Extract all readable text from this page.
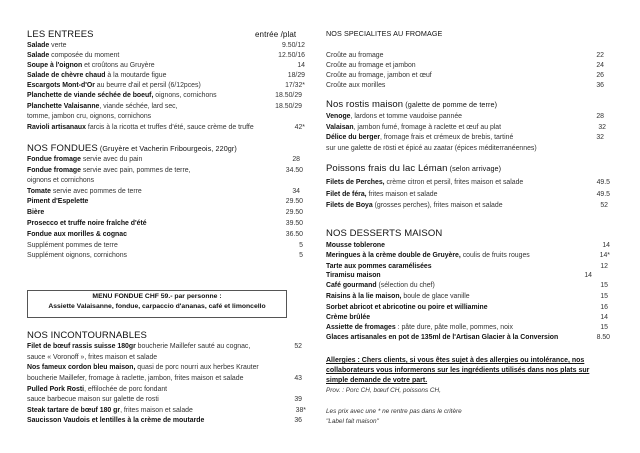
LES ENTREES	entrée /plat
Salade verte	9.50/12
Salade composée du moment	12.50/16
Soupe à l'oignon et croûtons au Gruyère	14
Salade de chèvre chaud à la moutarde figue	18/29
Escargots Mont-d'Or au beurre d'ail et persil (6/12pces)	17/32*
Planchette de viande séchée de boeuf, oignons, cornichons	18.50/29
Planchette Valaisanne, viande séchée, lard sec,	18.50/29
tomme, jambon cru, oignons, cornichons
Ravioli artisanaux farcis à la ricotta et truffes d'été, sauce crème de truffe	42*
NOS FONDUES (Gruyère et Vacherin Fribourgeois, 220gr)
Fondue fromage servie avec du pain	28
Fondue fromage servie avec pain, pommes de terre,	34.50
oignons et cornichons
Tomate servie avec pommes de terre	34
Piment d'Espelette	29.50
Bière	29.50
Prosecco et truffe noire fraîche d'été	39.50
Fondue aux morilles & cognac	36.50
Supplément pommes de terre	5
Supplément oignons, cornichons	5
MENU FONDUE CHF 59.- par personne :
Assiette Valaisanne, fondue, carpaccio d'ananas, café et limoncello
NOS INCONTOURNABLES
Filet de bœuf rassis suisse 180gr boucherie Maillefer sauté au cognac,	52
sauce « Voronoff », frites maison et salade
Nos fameux cordon bleu maison, quasi de porc nourri aux herbes Krauter
boucherie Maillefer, fromage à raclette, jambon, frites maison et salade	43
Pulled Pork Rosti, effilochée de porc fondant
sauce barbecue maison sur galette de rosti	39
Steak tartare de bœuf 180 gr, frites maison et salade	38*
Saucisson Vaudois et lentilles à la crème de moutarde	36
NOS SPECIALITES AU FROMAGE
Croûte au fromage	22
Croûte au fromage et jambon	24
Croûte au fromage, jambon et œuf	26
Croûte aux morilles	36
Nos rostis maison (galette de pomme de terre)
Venoge, lardons et tomme vaudoise pannée	28
Valaisan, jambon fumé, fromage à raclette et œuf au plat	32
Délice du berger, fromage frais et crémeux de brebis, tartiné	32
sur une galette de rösti et épicé au zaatar (épices méditerranéennes)
Poissons frais du lac Léman (selon arrivage)
Filets de Perches, crème citron et persil, frites maison et salade	49.5
Filet de féra, frites maison et salade	49.5
Filets de Boya (grosses perches), frites maison et salade	52
NOS DESSERTS MAISON
Mousse toblerone	14
Meringues à la crème double de Gruyère, coulis de fruits rouges	14*
Tarte aux pommes caramélisées	12
Tiramisu maison	14
Café gourmand (sélection du chef)	15
Raisins à la lie maison, boule de glace vanille	15
Sorbet abricot et abricotine ou poire et williamine	16
Crème brûlée	14
Assiette de fromages : pâte dure, pâte molle, pommes, noix	15
Glaces artisanales en pot de 135ml de l'Artisan Glacier à la Conversion	8.50
Allergies : Chers clients, si vous êtes sujet à des allergies ou intolérance, nos collaborateurs vous informerons sur les ingrédients utilisés dans nos plats sur simple demande de votre part.
Prov. : Porc CH, bœuf CH, poissons CH,
Les prix avec une * ne rentre pas dans le critère
"Label fait maison"
